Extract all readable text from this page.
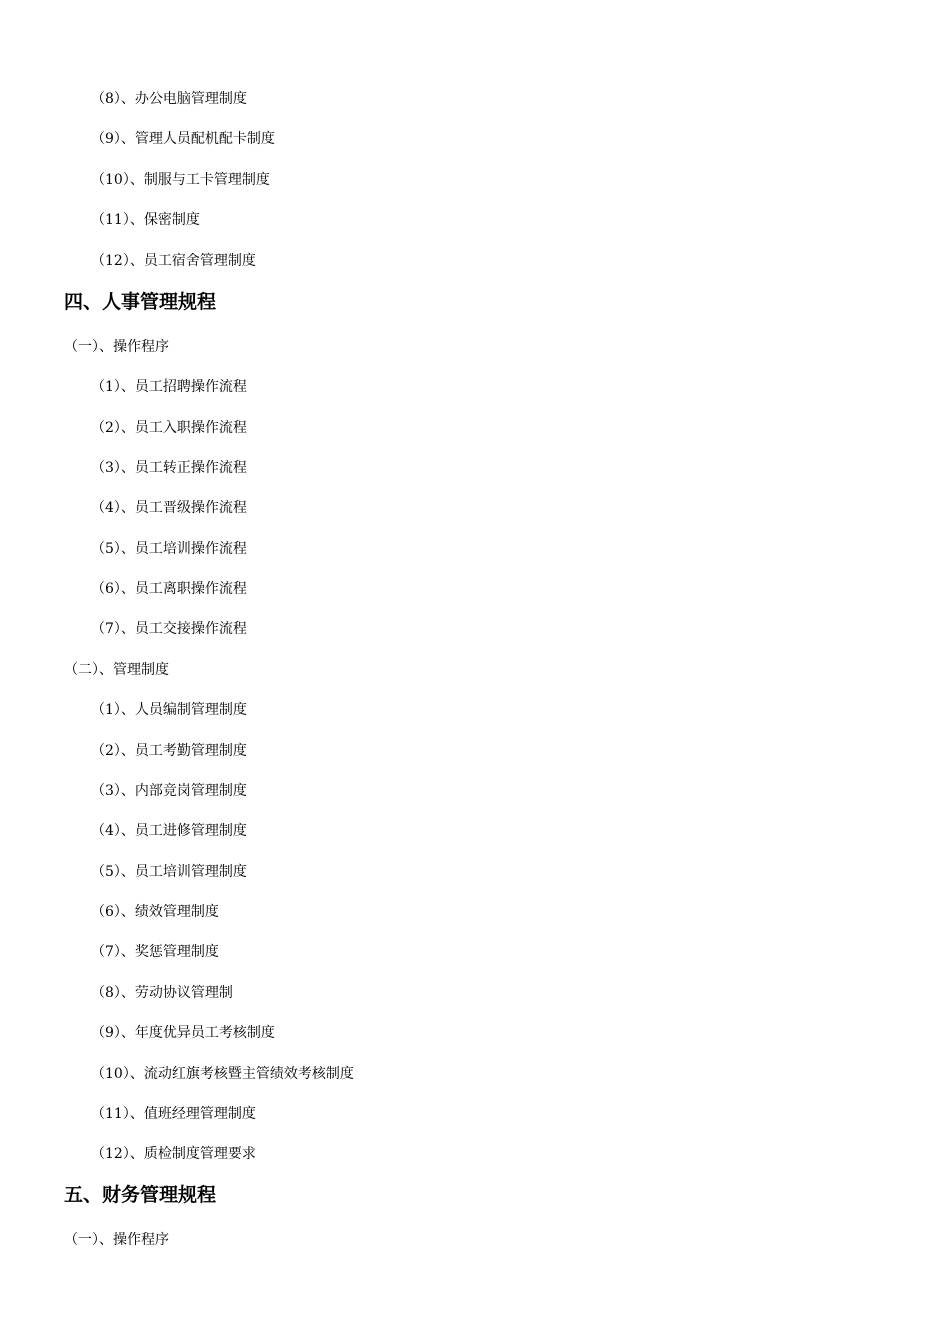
（8）、办公电脑管理制度
（9）、管理人员配机配卡制度
（10）、制服与工卡管理制度
（11）、保密制度
（12）、员工宿舍管理制度
四、人事管理规程
（一）、操作程序
（1）、员工招聘操作流程
（2）、员工入职操作流程
（3）、员工转正操作流程
（4）、员工晋级操作流程
（5）、员工培训操作流程
（6）、员工离职操作流程
（7）、员工交接操作流程
（二）、管理制度
（1）、人员编制管理制度
（2）、员工考勤管理制度
（3）、内部竞岗管理制度
（4）、员工进修管理制度
（5）、员工培训管理制度
（6）、绩效管理制度
（7）、奖惩管理制度
（8）、劳动协议管理制
（9）、年度优异员工考核制度
（10）、流动红旗考核暨主管绩效考核制度
（11）、值班经理管理制度
（12）、质检制度管理要求
五、财务管理规程
（一）、操作程序
